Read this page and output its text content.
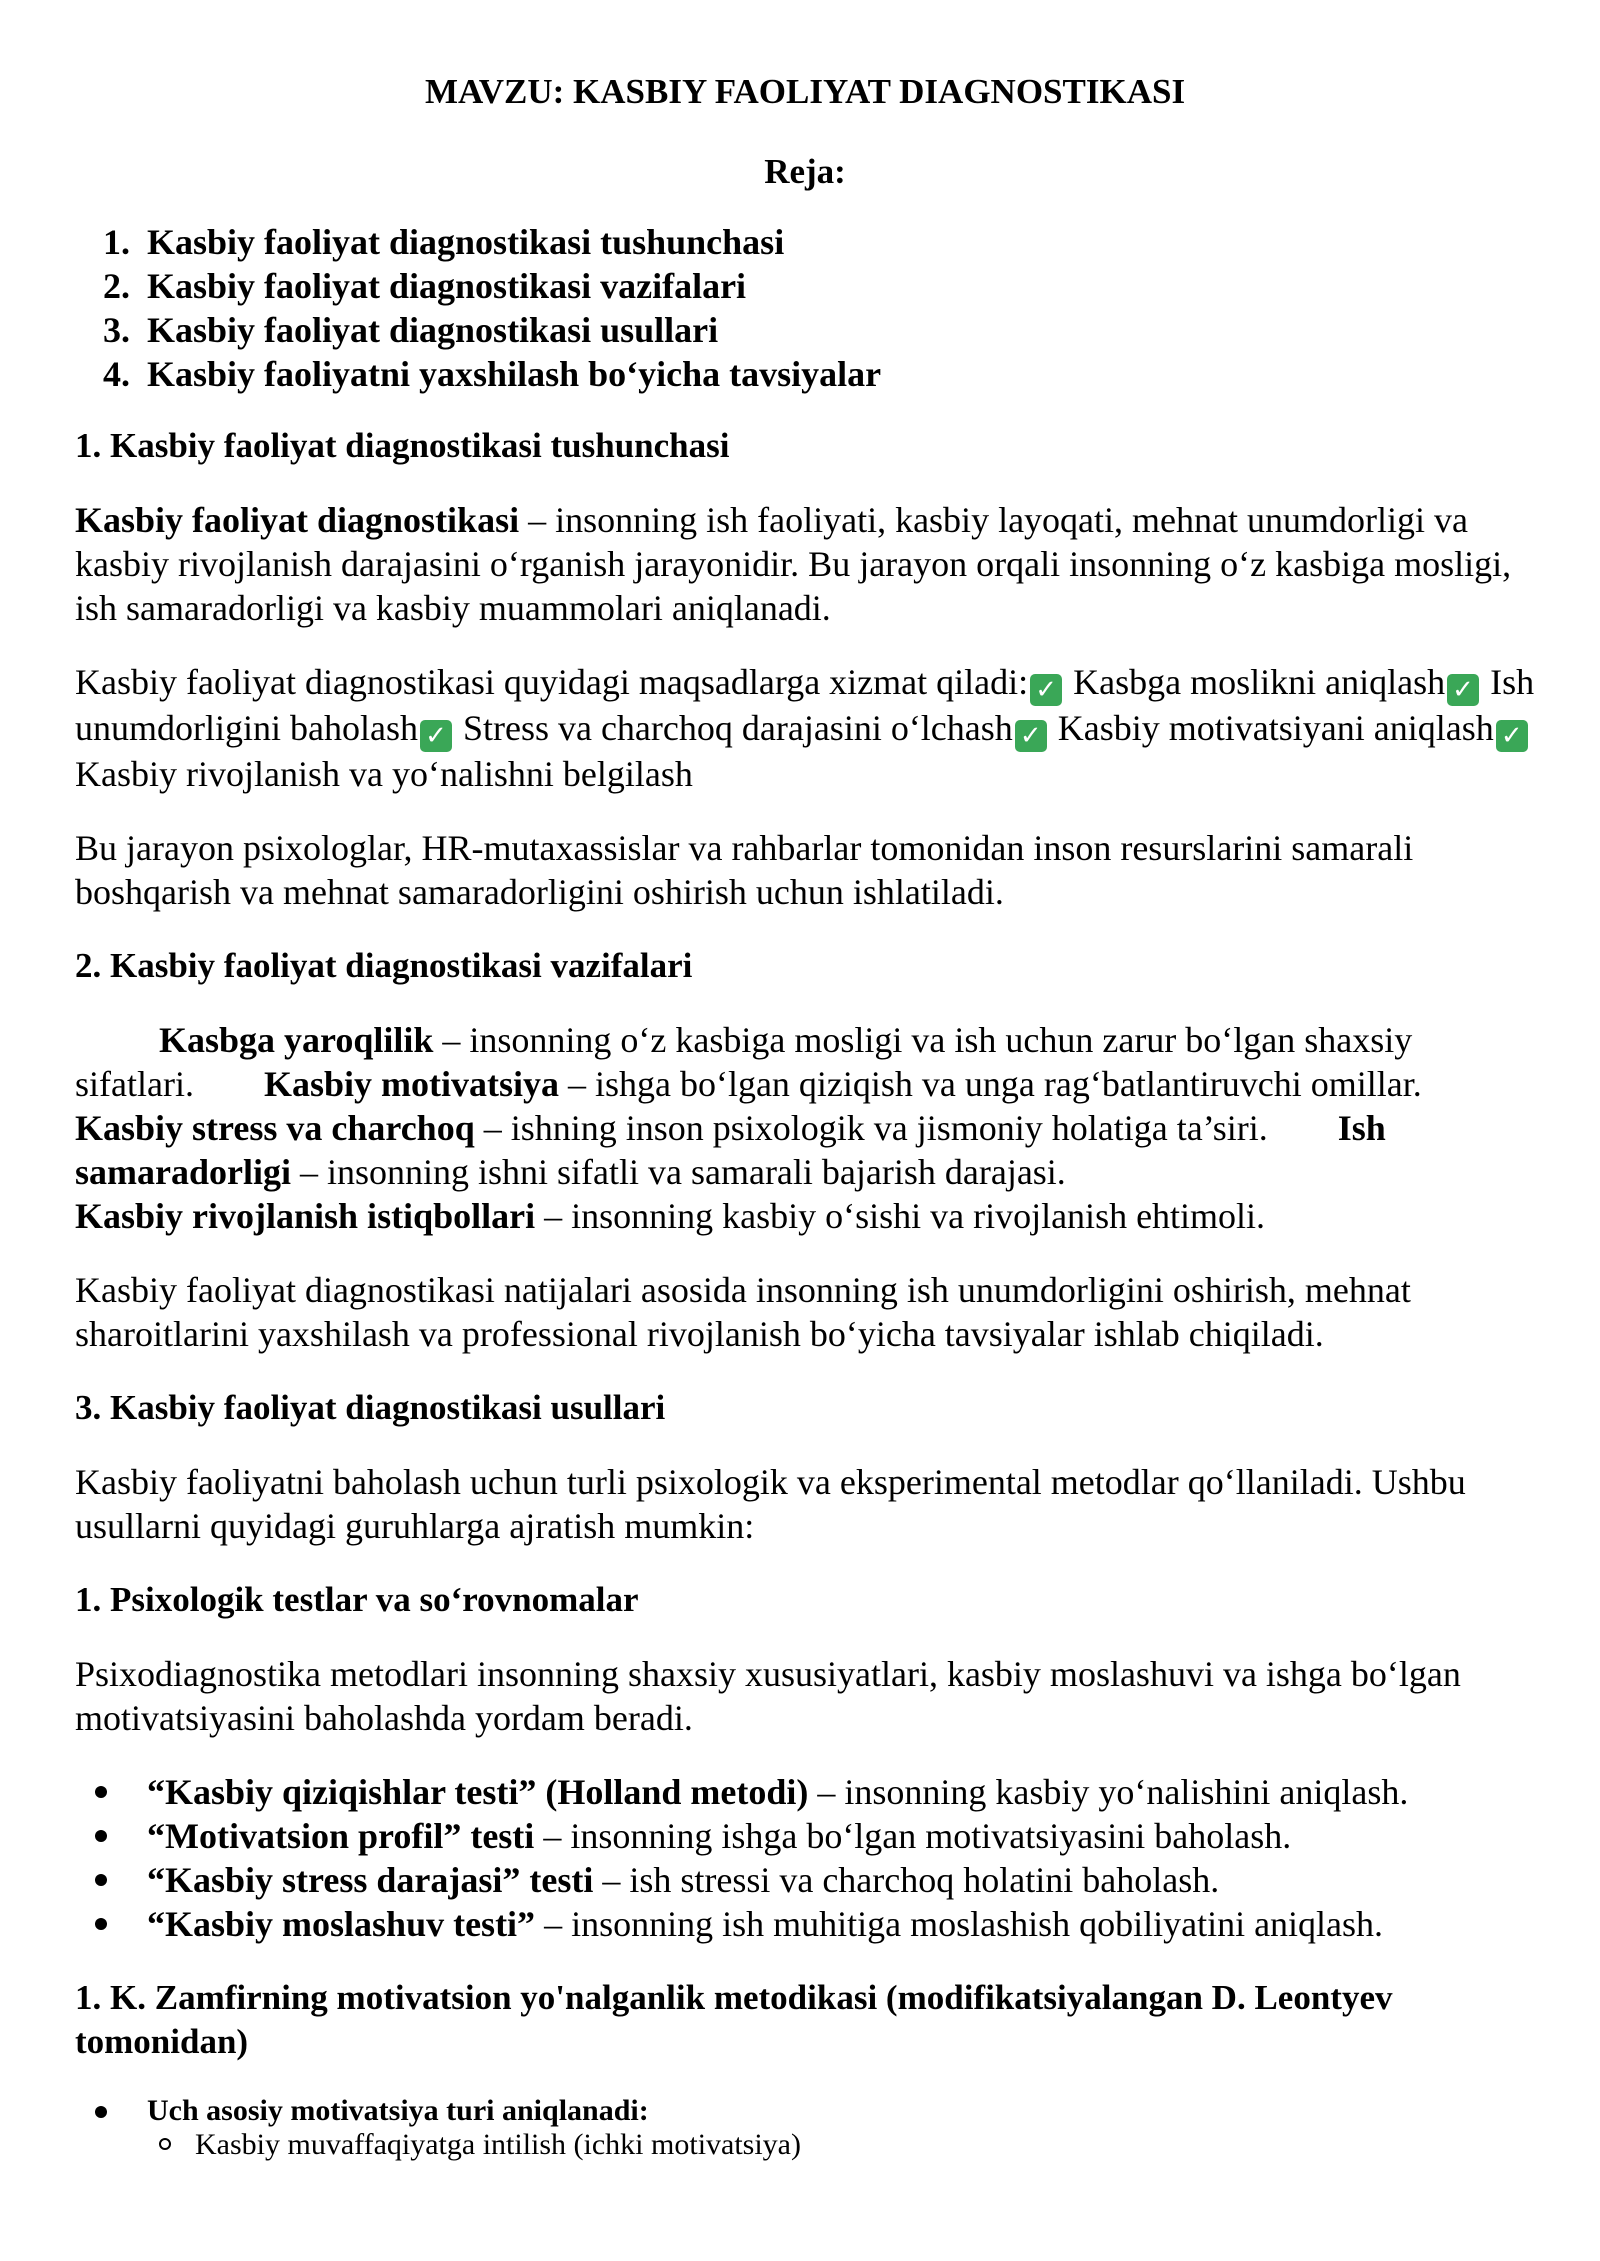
MAVZU: KASBIY FAOLIYAT DIAGNOSTIKASI
Reja:
1. Kasbiy faoliyat diagnostikasi tushunchasi
2. Kasbiy faoliyat diagnostikasi vazifalari
3. Kasbiy faoliyat diagnostikasi usullari
4. Kasbiy faoliyatni yaxshilash bo‘yicha tavsiyalar
1. Kasbiy faoliyat diagnostikasi tushunchasi

Kasbiy faoliyat diagnostikasi – insonning ish faoliyati, kasbiy layoqati, mehnat unumdorligi va kasbiy rivojlanish darajasini o‘rganish jarayonidir. Bu jarayon orqali insonning o‘z kasbiga mosligi, ish samaradorligi va kasbiy muammolari aniqlanadi.

Kasbiy faoliyat diagnostikasi quyidagi maqsadlarga xizmat qiladi: ✓ Kasbga moslikni aniqlash ✓ Ish unumdorligini baholash ✓ Stress va charchoq darajasini o‘lchash ✓ Kasbiy motivatsiyani aniqlash ✓ Kasbiy rivojlanish va yo‘nalishni belgilash

Bu jarayon psixologlar, HR-mutaxassislar va rahbarlar tomonidan inson resurslarini samarali boshqarish va mehnat samaradorligini oshirish uchun ishlatiladi.

2. Kasbiy faoliyat diagnostikasi vazifalari
Kasbga yaroqlilik – insonning o‘z kasbiga mosligi va ish uchun zarur bo‘lgan shaxsiy sifatlari. Kasbiy motivatsiya – ishga bo‘lgan qiziqish va unga rag‘batlantiruvchi omillar.Kasbiy stress va charchoq – ishning inson psixologik va jismoniy holatiga ta’siri. Ish samaradorligi – insonning ishni sifatli va samarali bajarish darajasi.
Kasbiy rivojlanish istiqbollari – insonning kasbiy o‘sishi va rivojlanish ehtimoli.

Kasbiy faoliyat diagnostikasi natijalari asosida insonning ish unumdorligini oshirish, mehnat sharoitlarini yaxshilash va professional rivojlanish bo‘yicha tavsiyalar ishlab chiqiladi.

3. Kasbiy faoliyat diagnostikasi usullari

Kasbiy faoliyatni baholash uchun turli psixologik va eksperimental metodlar qo‘llaniladi. Ushbu usullarni quyidagi guruhlarga ajratish mumkin:

1. Psixologik testlar va so‘rovnomalar

Psixodiagnostika metodlari insonning shaxsiy xususiyatlari, kasbiy moslashuvi va ishga bo‘lgan motivatsiyasini baholashda yordam beradi.

“Kasbiy qiziqishlar testi” (Holland metodi) – insonning kasbiy yo‘nalishini aniqlash.
“Motivatsion profil” testi – insonning ishga bo‘lgan motivatsiyasini baholash.
“Kasbiy stress darajasi” testi – ish stressi va charchoq holatini baholash.
“Kasbiy moslashuv testi” – insonning ish muhitiga moslashish qobiliyatini aniqlash.
1. K. Zamfirning motivatsion yo'nalganlik metodikasi (modifikatsiyalangan D. Leontyev tomonidan)
Uch asosiy motivatsiya turi aniqlanadi:
Kasbiy muvaffaqiyatga intilish (ichki motivatsiya)
